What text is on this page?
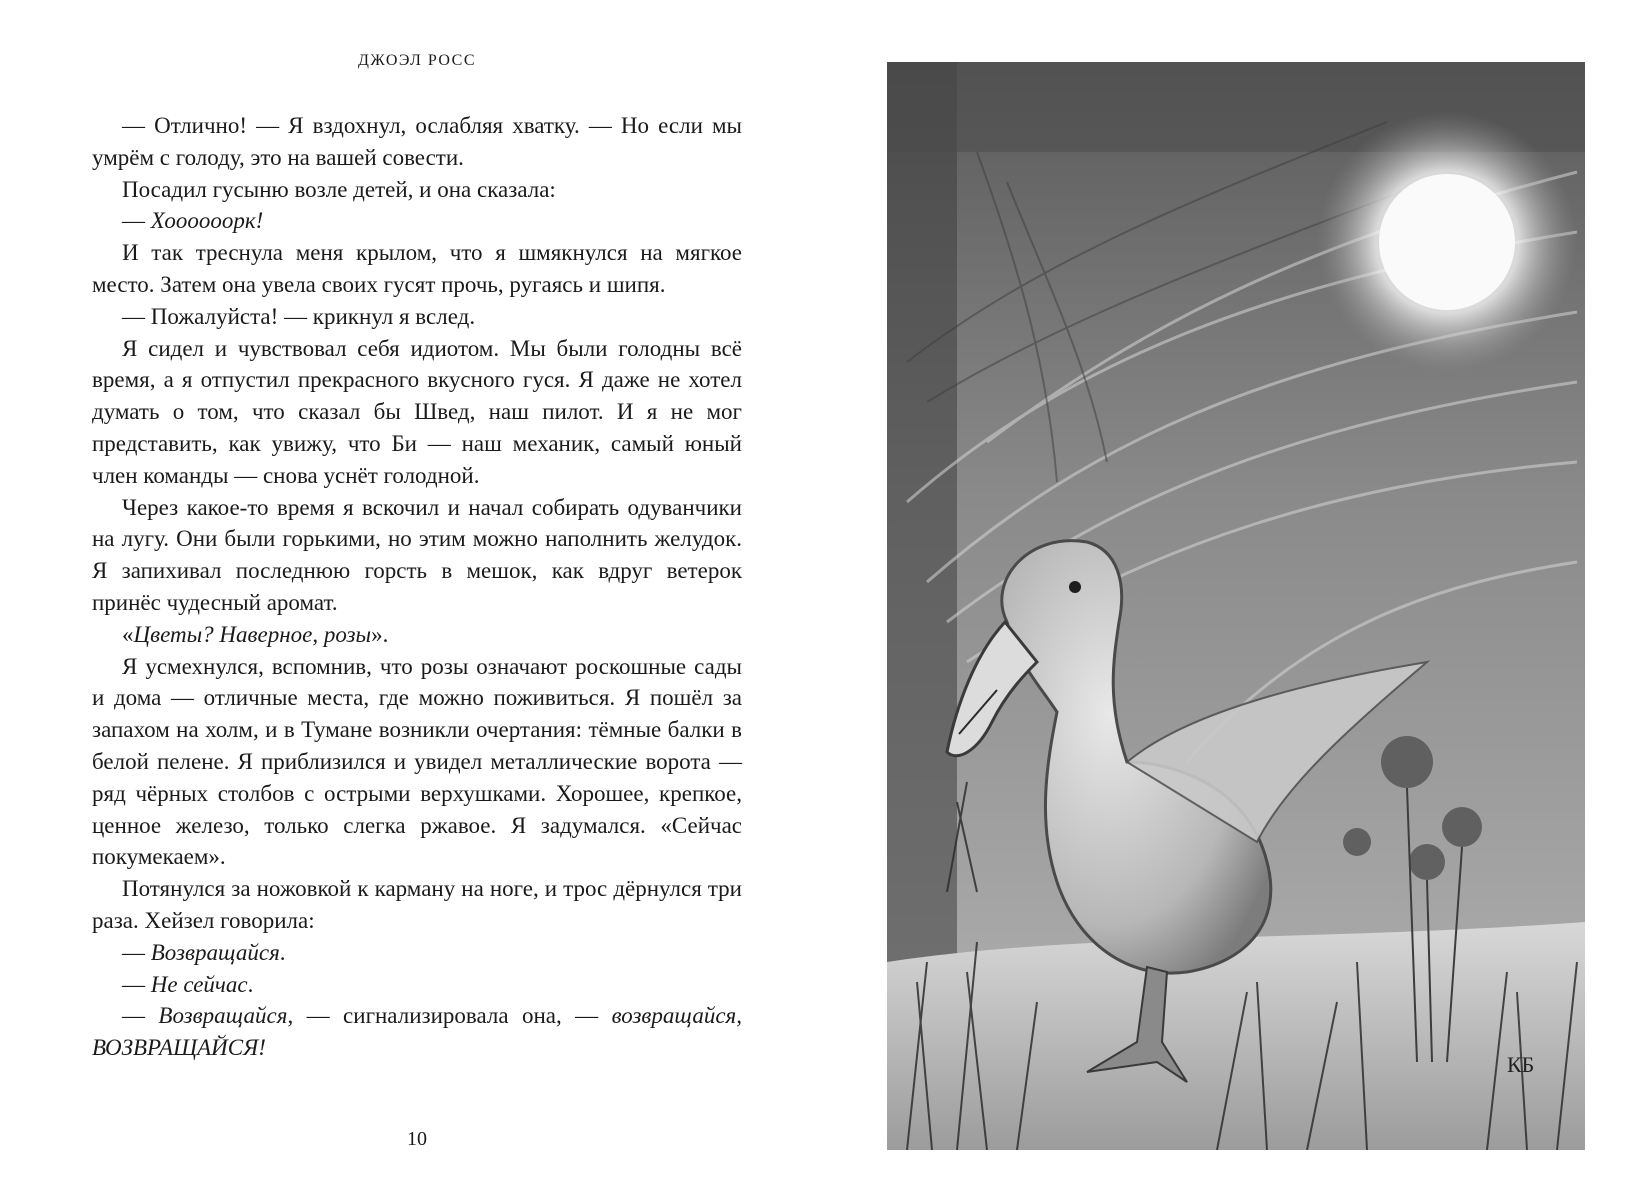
ДЖОЭЛ РОСС

— Отлично! — Я вздохнул, ослабляя хватку. — Но если мы умрём с голоду, это на вашей совести.

Посадил гусыню возле детей, и она сказала:

— Хоооооорк!

И так треснула меня крылом, что я шмякнулся на мягкое место. Затем она увела своих гусят прочь, ругаясь и шипя.

— Пожалуйста! — крикнул я вслед.

Я сидел и чувствовал себя идиотом. Мы были голодны всё время, а я отпустил прекрасного вкусного гуся. Я даже не хотел думать о том, что сказал бы Швед, наш пилот. И я не мог представить, как увижу, что Би — наш механик, самый юный член команды — снова уснёт голодной.

Через какое-то время я вскочил и начал собирать одуванчики на лугу. Они были горькими, но этим можно наполнить желудок. Я запихивал последнюю горсть в мешок, как вдруг ветерок принёс чудесный аромат.

«Цветы? Наверное, розы».

Я усмехнулся, вспомнив, что розы означают роскошные сады и дома — отличные места, где можно поживиться. Я пошёл за запахом на холм, и в Тумане возникли очертания: тёмные балки в белой пелене. Я приблизился и увидел металлические ворота — ряд чёрных столбов с острыми верхушками. Хорошее, крепкое, ценное железо, только слегка ржавое. Я задумался. «Сейчас покумекаем».

Потянулся за ножовкой к карману на ноге, и трос дёрнулся три раза. Хейзел говорила:

— Возвращайся.

— Не сейчас.

— Возвращайся, — сигнализировала она, — возвращайся, ВОЗВРАЩАЙСЯ!

10
КБ
